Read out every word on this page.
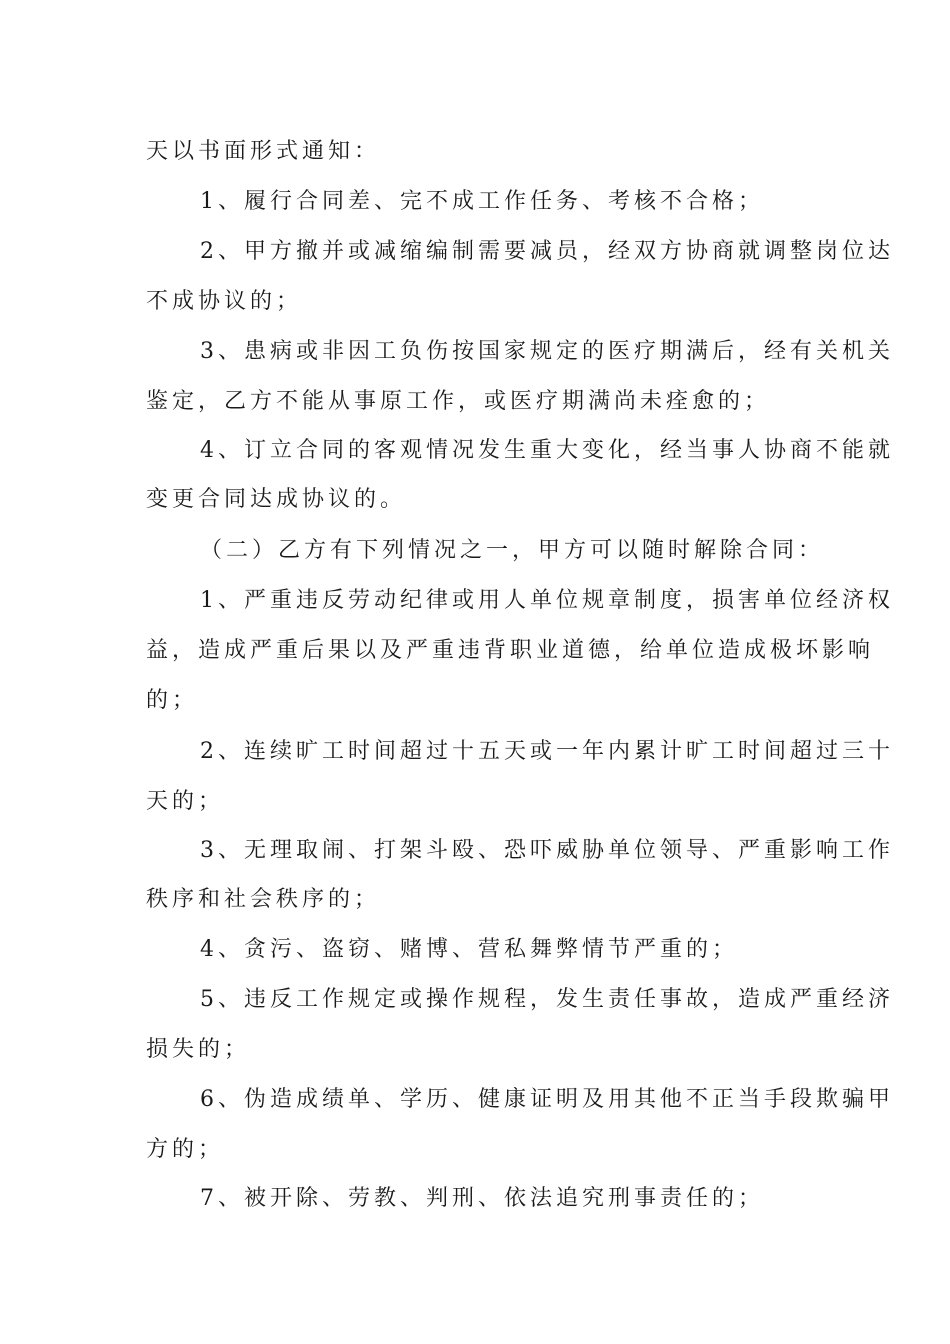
天以书面形式通知：
1、履行合同差、完不成工作任务、考核不合格；
2、甲方撤并或减缩编制需要减员，经双方协商就调整岗位达
不成协议的；
3、患病或非因工负伤按国家规定的医疗期满后，经有关机关
鉴定，乙方不能从事原工作，或医疗期满尚未痊愈的；
4、订立合同的客观情况发生重大变化，经当事人协商不能就
变更合同达成协议的。
（二）乙方有下列情况之一，甲方可以随时解除合同：
1、严重违反劳动纪律或用人单位规章制度，损害单位经济权
益，造成严重后果以及严重违背职业道德，给单位造成极坏影响
的；
2、连续旷工时间超过十五天或一年内累计旷工时间超过三十
天的；
3、无理取闹、打架斗殴、恐吓威胁单位领导、严重影响工作
秩序和社会秩序的；
4、贪污、盗窃、赌博、营私舞弊情节严重的；
5、违反工作规定或操作规程，发生责任事故，造成严重经济
损失的；
6、伪造成绩单、学历、健康证明及用其他不正当手段欺骗甲
方的；
7、被开除、劳教、判刑、依法追究刑事责任的；
